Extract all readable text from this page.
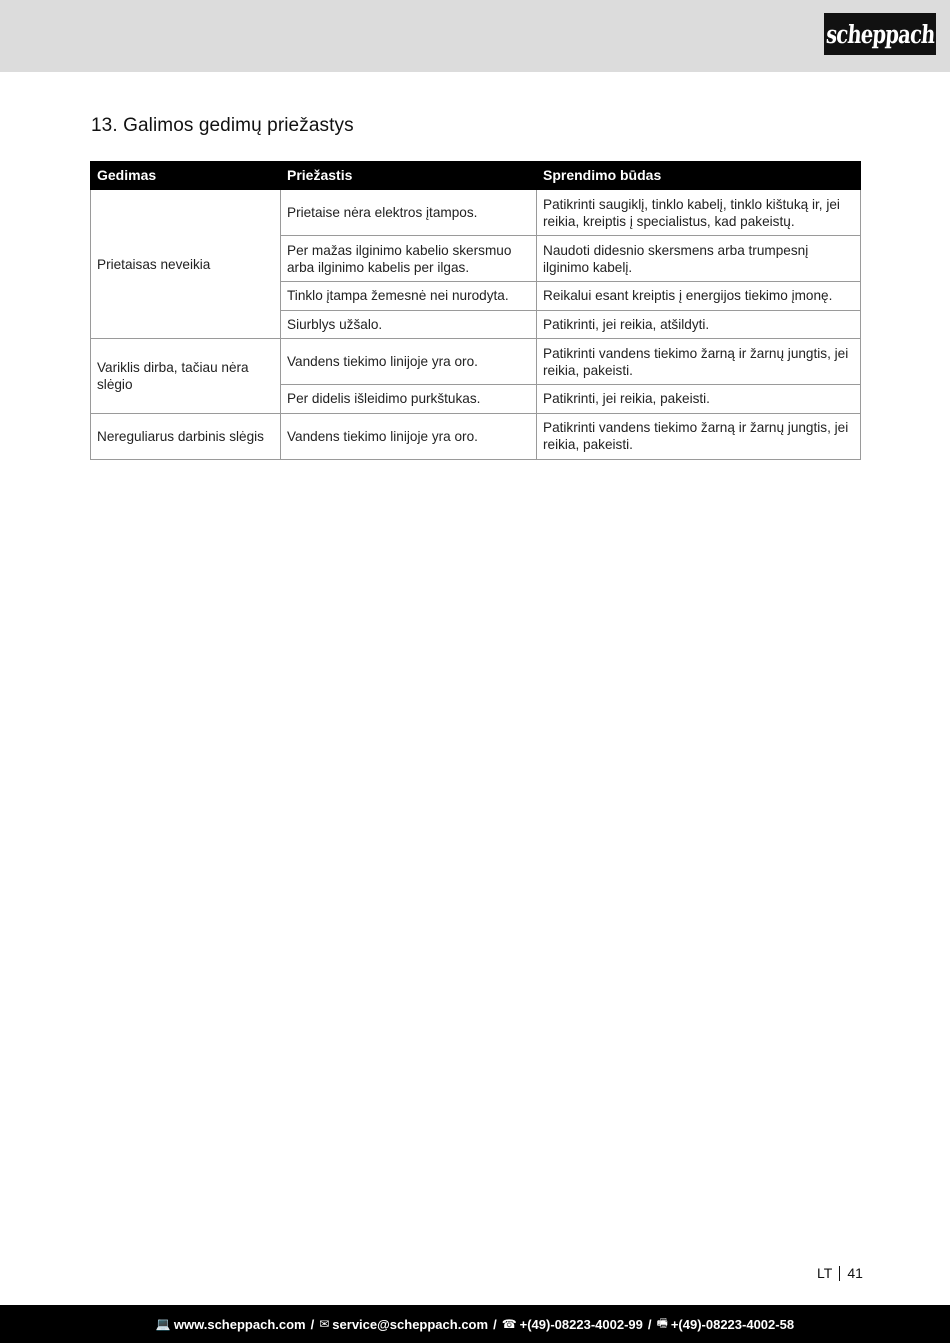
scheppach
13. Galimos gedimų priežastys
Gedimas	Priežastis	Sprendimo būdas
Prietaisas neveikia	Prietaise nėra elektros įtampos.	Patikrinti saugiklį, tinklo kabelį, tinklo kištuką ir, jei reikia, kreiptis į specialistus, kad pakeistų.
	Per mažas ilginimo kabelio skersmuo arba ilginimo kabelis per ilgas.	Naudoti didesnio skersmens arba trumpesnį ilginimo kabelį.
	Tinklo įtampa žemesnė nei nurodyta.	Reikalui esant kreiptis į energijos tiekimo įmonę.
	Siurblys užšalo.	Patikrinti, jei reikia, atšildyti.
Variklis dirba, tačiau nėra slėgio	Vandens tiekimo linijoje yra oro.	Patikrinti vandens tiekimo žarną ir žarnų jungtis, jei reikia, pakeisti.
	Per didelis išleidimo purkštukas.	Patikrinti, jei reikia, pakeisti.
Nereguliarus darbinis slėgis	Vandens tiekimo linijoje yra oro.	Patikrinti vandens tiekimo žarną ir žarnų jungtis, jei reikia, pakeisti.
LT 41
💻 www.scheppach.com / ✉ service@scheppach.com / ☎ +(49)-08223-4002-99 / 🖷 +(49)-08223-4002-58
